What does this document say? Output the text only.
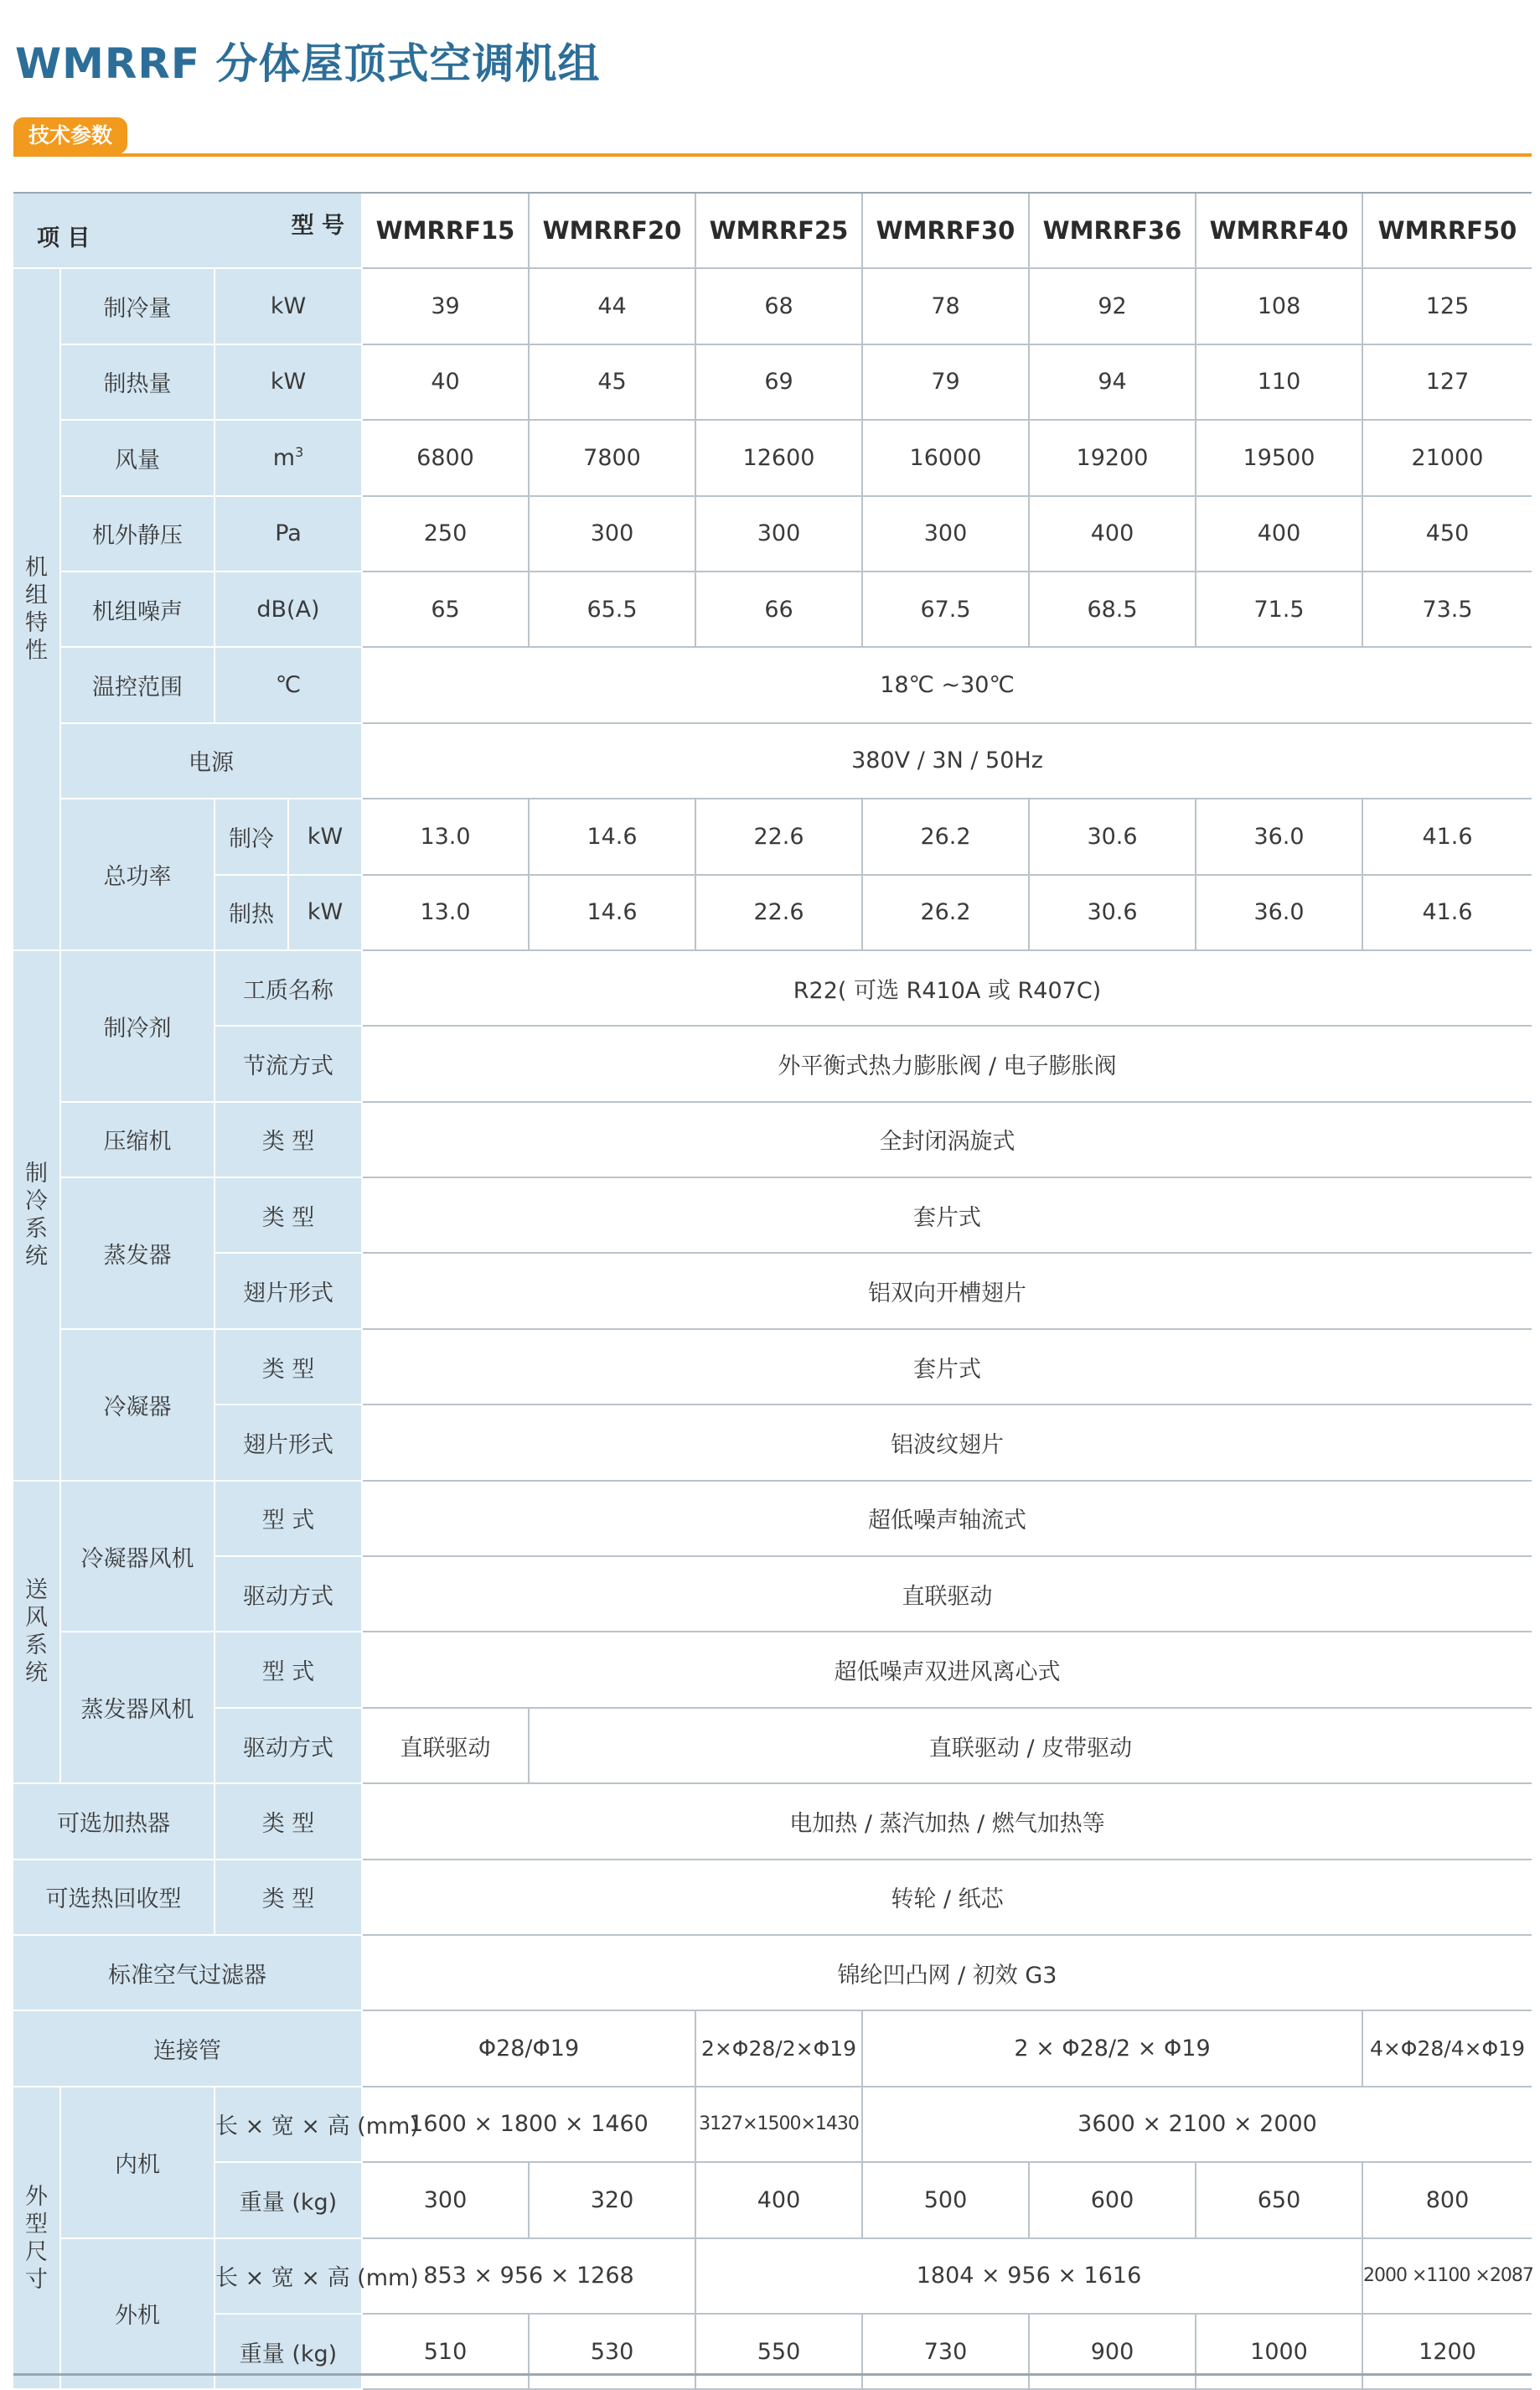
WMRRF 分体屋顶式空调机组
技术参数
型 号
项 目				WMRRF15	WMRRF20	WMRRF25	WMRRF30	WMRRF36	WMRRF40	WMRRF50
机组特性	制冷量	kW		39	44	68	78	92	108	125
	制热量	kW		40	45	69	79	94	110	127
	风量	$m^3$		6800	7800	12600	16000	19200	19500	21000
	机外静压	Pa		250	300	300	300	400	400	450
	机组噪声	dB(A)		65	65.5	66	67.5	68.5	71.5	73.5
	温控范围	℃		18℃ ~30℃						
	电源			380V / 3N / 50Hz						
	总功率	制冷	kW	13.0	14.6	22.6	26.2	30.6	36.0	41.6
		制热	kW	13.0	14.6	22.6	26.2	30.6	36.0	41.6
制冷系统	制冷剂	工质名称		R22( 可选 R410A 或 R407C)						
		节流方式		外平衡式热力膨胀阀 / 电子膨胀阀						
	压缩机	类 型		全封闭涡旋式						
	蒸发器	类 型		套片式						
		翅片形式		铝双向开槽翅片						
	冷凝器	类 型		套片式						
		翅片形式		铝波纹翅片						
送风系统	冷凝器风机	型 式		超低噪声轴流式						
		驱动方式		直联驱动						
	蒸发器风机	型 式		超低噪声双进风离心式						
		驱动方式		直联驱动	直联驱动 / 皮带驱动					
可选加热器		类 型		电加热 / 蒸汽加热 / 燃气加热等						
可选热回收型		类 型		转轮 / 纸芯						
标准空气过滤器				锦纶凹凸网 / 初效 G3						
连接管				Φ28/Φ19		2×Φ28/2×Φ19	2 × Φ28/2 × Φ19			4×Φ28/4×Φ19
外型尺寸	内机	长 × 宽 × 高 (mm)		1600 × 1800 × 1460		3127×1500×1430	3600 × 2100 × 2000			
		重量 (kg)		300	320	400	500	600	650	800
	外机	长 × 宽 × 高 (mm)		853 × 956 × 1268		1804 × 956 × 1616				2000 ×1100 ×2087
		重量 (kg)		510	530	550	730	900	1000	1200
